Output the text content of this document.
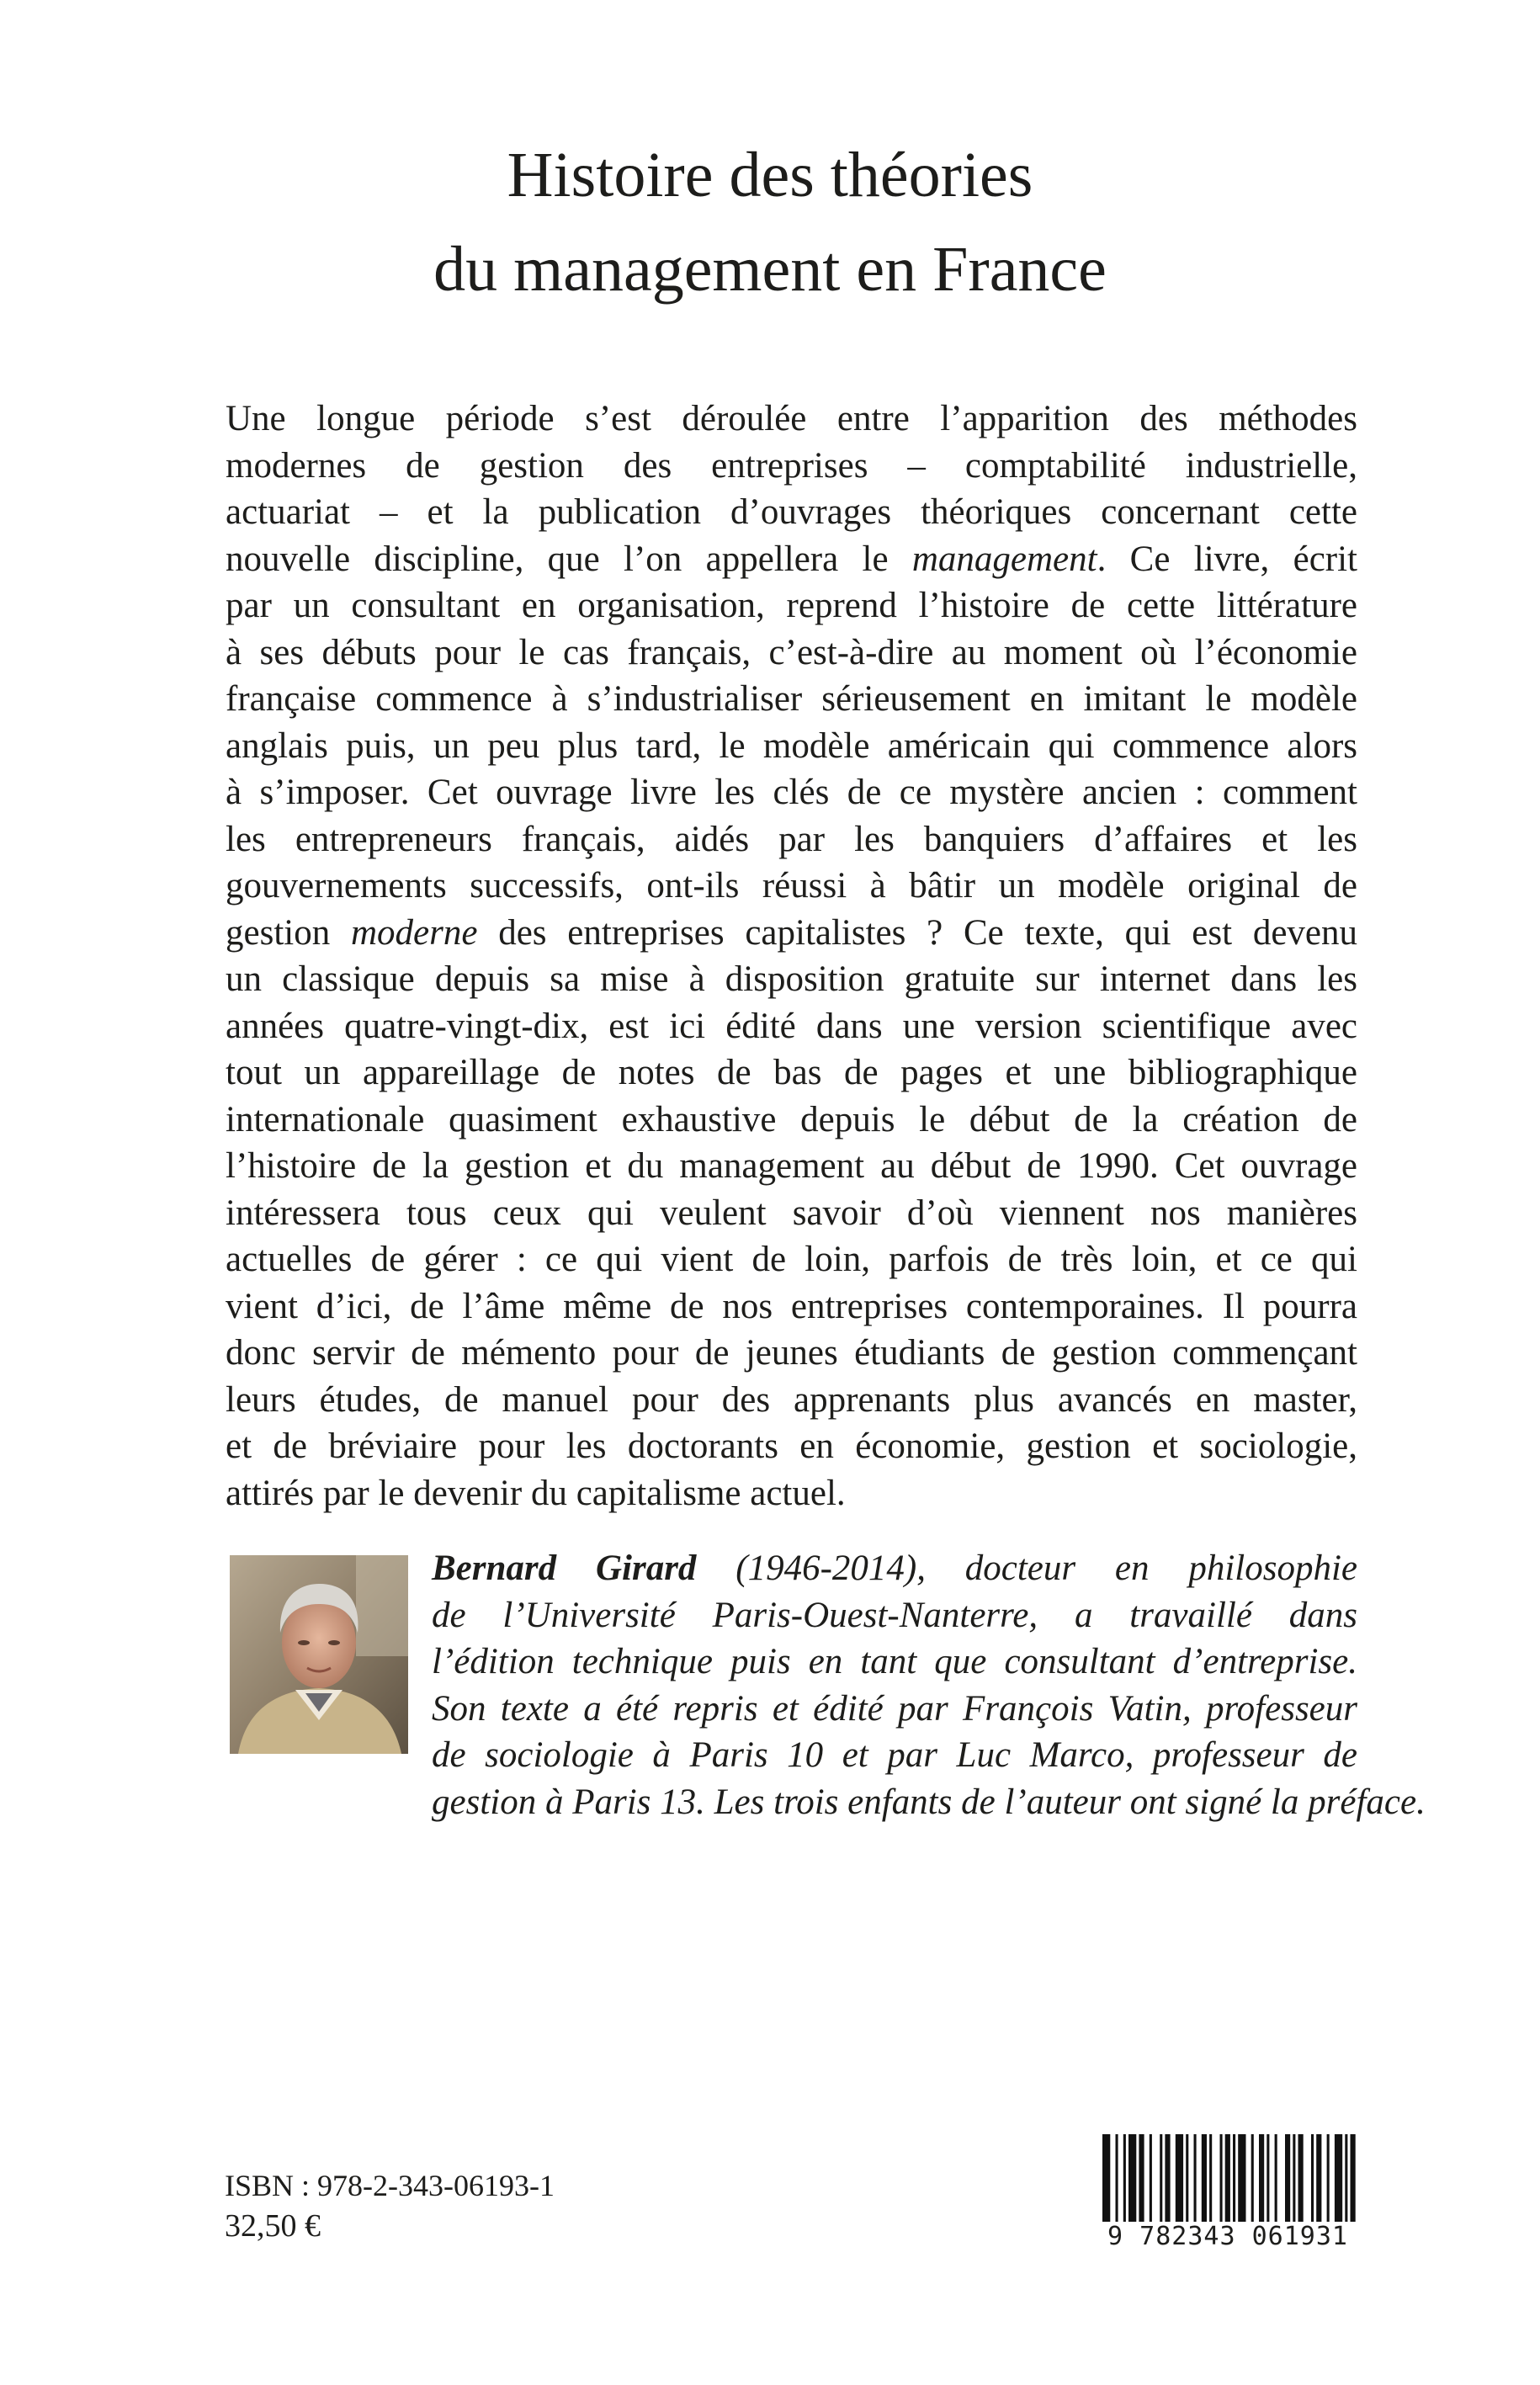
Histoire des théories
du management en France

Une longue période s’est déroulée entre l’apparition des méthodes
modernes de gestion des entreprises – comptabilité industrielle,
actuariat – et la publication d’ouvrages théoriques concernant cette
nouvelle discipline, que l’on appellera le management. Ce livre, écrit
par un consultant en organisation, reprend l’histoire de cette littérature
à ses débuts pour le cas français, c’est-à-dire au moment où l’économie
française commence à s’industrialiser sérieusement en imitant le modèle
anglais puis, un peu plus tard, le modèle américain qui commence alors
à s’imposer. Cet ouvrage livre les clés de ce mystère ancien : comment
les entrepreneurs français, aidés par les banquiers d’affaires et les
gouvernements successifs, ont-ils réussi à bâtir un modèle original de
gestion moderne des entreprises capitalistes ? Ce texte, qui est devenu
un classique depuis sa mise à disposition gratuite sur internet dans les
années quatre-vingt-dix, est ici édité dans une version scientifique avec
tout un appareillage de notes de bas de pages et une bibliographique
internationale quasiment exhaustive depuis le début de la création de
l’histoire de la gestion et du management au début de 1990. Cet ouvrage
intéressera tous ceux qui veulent savoir d’où viennent nos manières
actuelles de gérer : ce qui vient de loin, parfois de très loin, et ce qui
vient d’ici, de l’âme même de nos entreprises contemporaines. Il pourra
donc servir de mémento pour de jeunes étudiants de gestion commençant
leurs études, de manuel pour des apprenants plus avancés en master,
et de bréviaire pour les doctorants en économie, gestion et sociologie,
attirés par le devenir du capitalisme actuel.

Bernard Girard (1946-2014), docteur en philosophie
de l’Université Paris-Ouest-Nanterre, a travaillé dans
l’édition technique puis en tant que consultant d’entreprise.
Son texte a été repris et édité par François Vatin, professeur
de sociologie à Paris 10 et par Luc Marco, professeur de
gestion à Paris 13. Les trois enfants de l’auteur ont signé la préface.

ISBN : 978-2-343-06193-1
32,50 €	9 782343 061931
